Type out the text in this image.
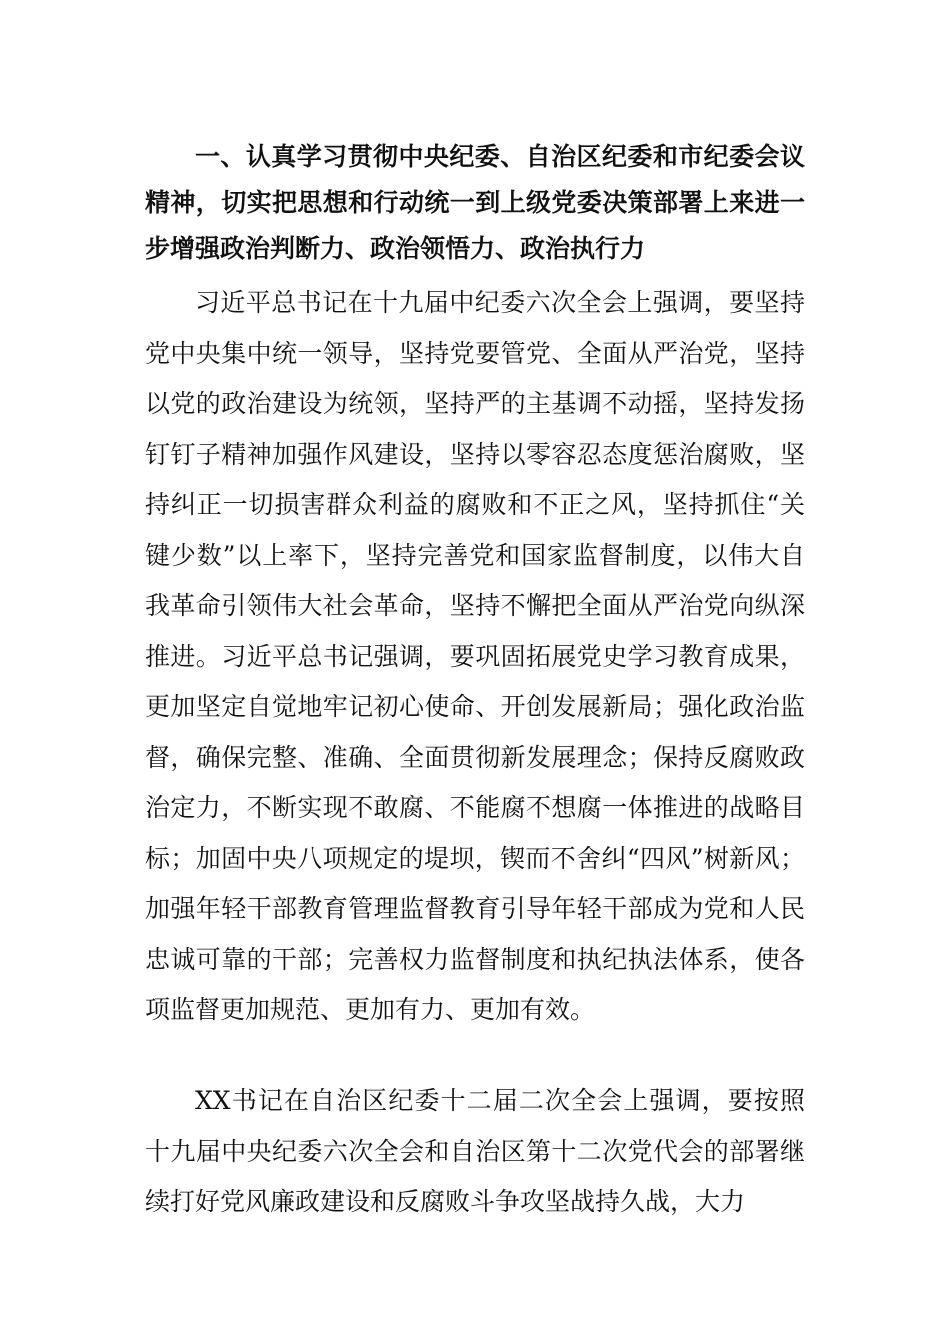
一、认真学习贯彻中央纪委、自治区纪委和市纪委会议精神，切实把思想和行动统一到上级党委决策部署上来进一步增强政治判断力、政治领悟力、政治执行力

习近平总书记在十九届中纪委六次全会上强调，要坚持党中央集中统一领导，坚持党要管党、全面从严治党，坚持以党的政治建设为统领，坚持严的主基调不动摇，坚持发扬钉钉子精神加强作风建设，坚持以零容忍态度惩治腐败，坚持纠正一切损害群众利益的腐败和不正之风，坚持抓住“关键少数”以上率下，坚持完善党和国家监督制度，以伟大自我革命引领伟大社会革命，坚持不懈把全面从严治党向纵深推进。习近平总书记强调，要巩固拓展党史学习教育成果，更加坚定自觉地牢记初心使命、开创发展新局；强化政治监督，确保完整、准确、全面贯彻新发展理念；保持反腐败政治定力，不断实现不敢腐、不能腐不想腐一体推进的战略目标；加固中央八项规定的堤坝，锲而不舍纠“四风”树新风；加强年轻干部教育管理监督教育引导年轻干部成为党和人民忠诚可靠的干部；完善权力监督制度和执纪执法体系，使各项监督更加规范、更加有力、更加有效。

XX书记在自治区纪委十二届二次全会上强调，要按照十九届中央纪委六次全会和自治区第十二次党代会的部署继续打好党风廉政建设和反腐败斗争攻坚战持久战，大力
